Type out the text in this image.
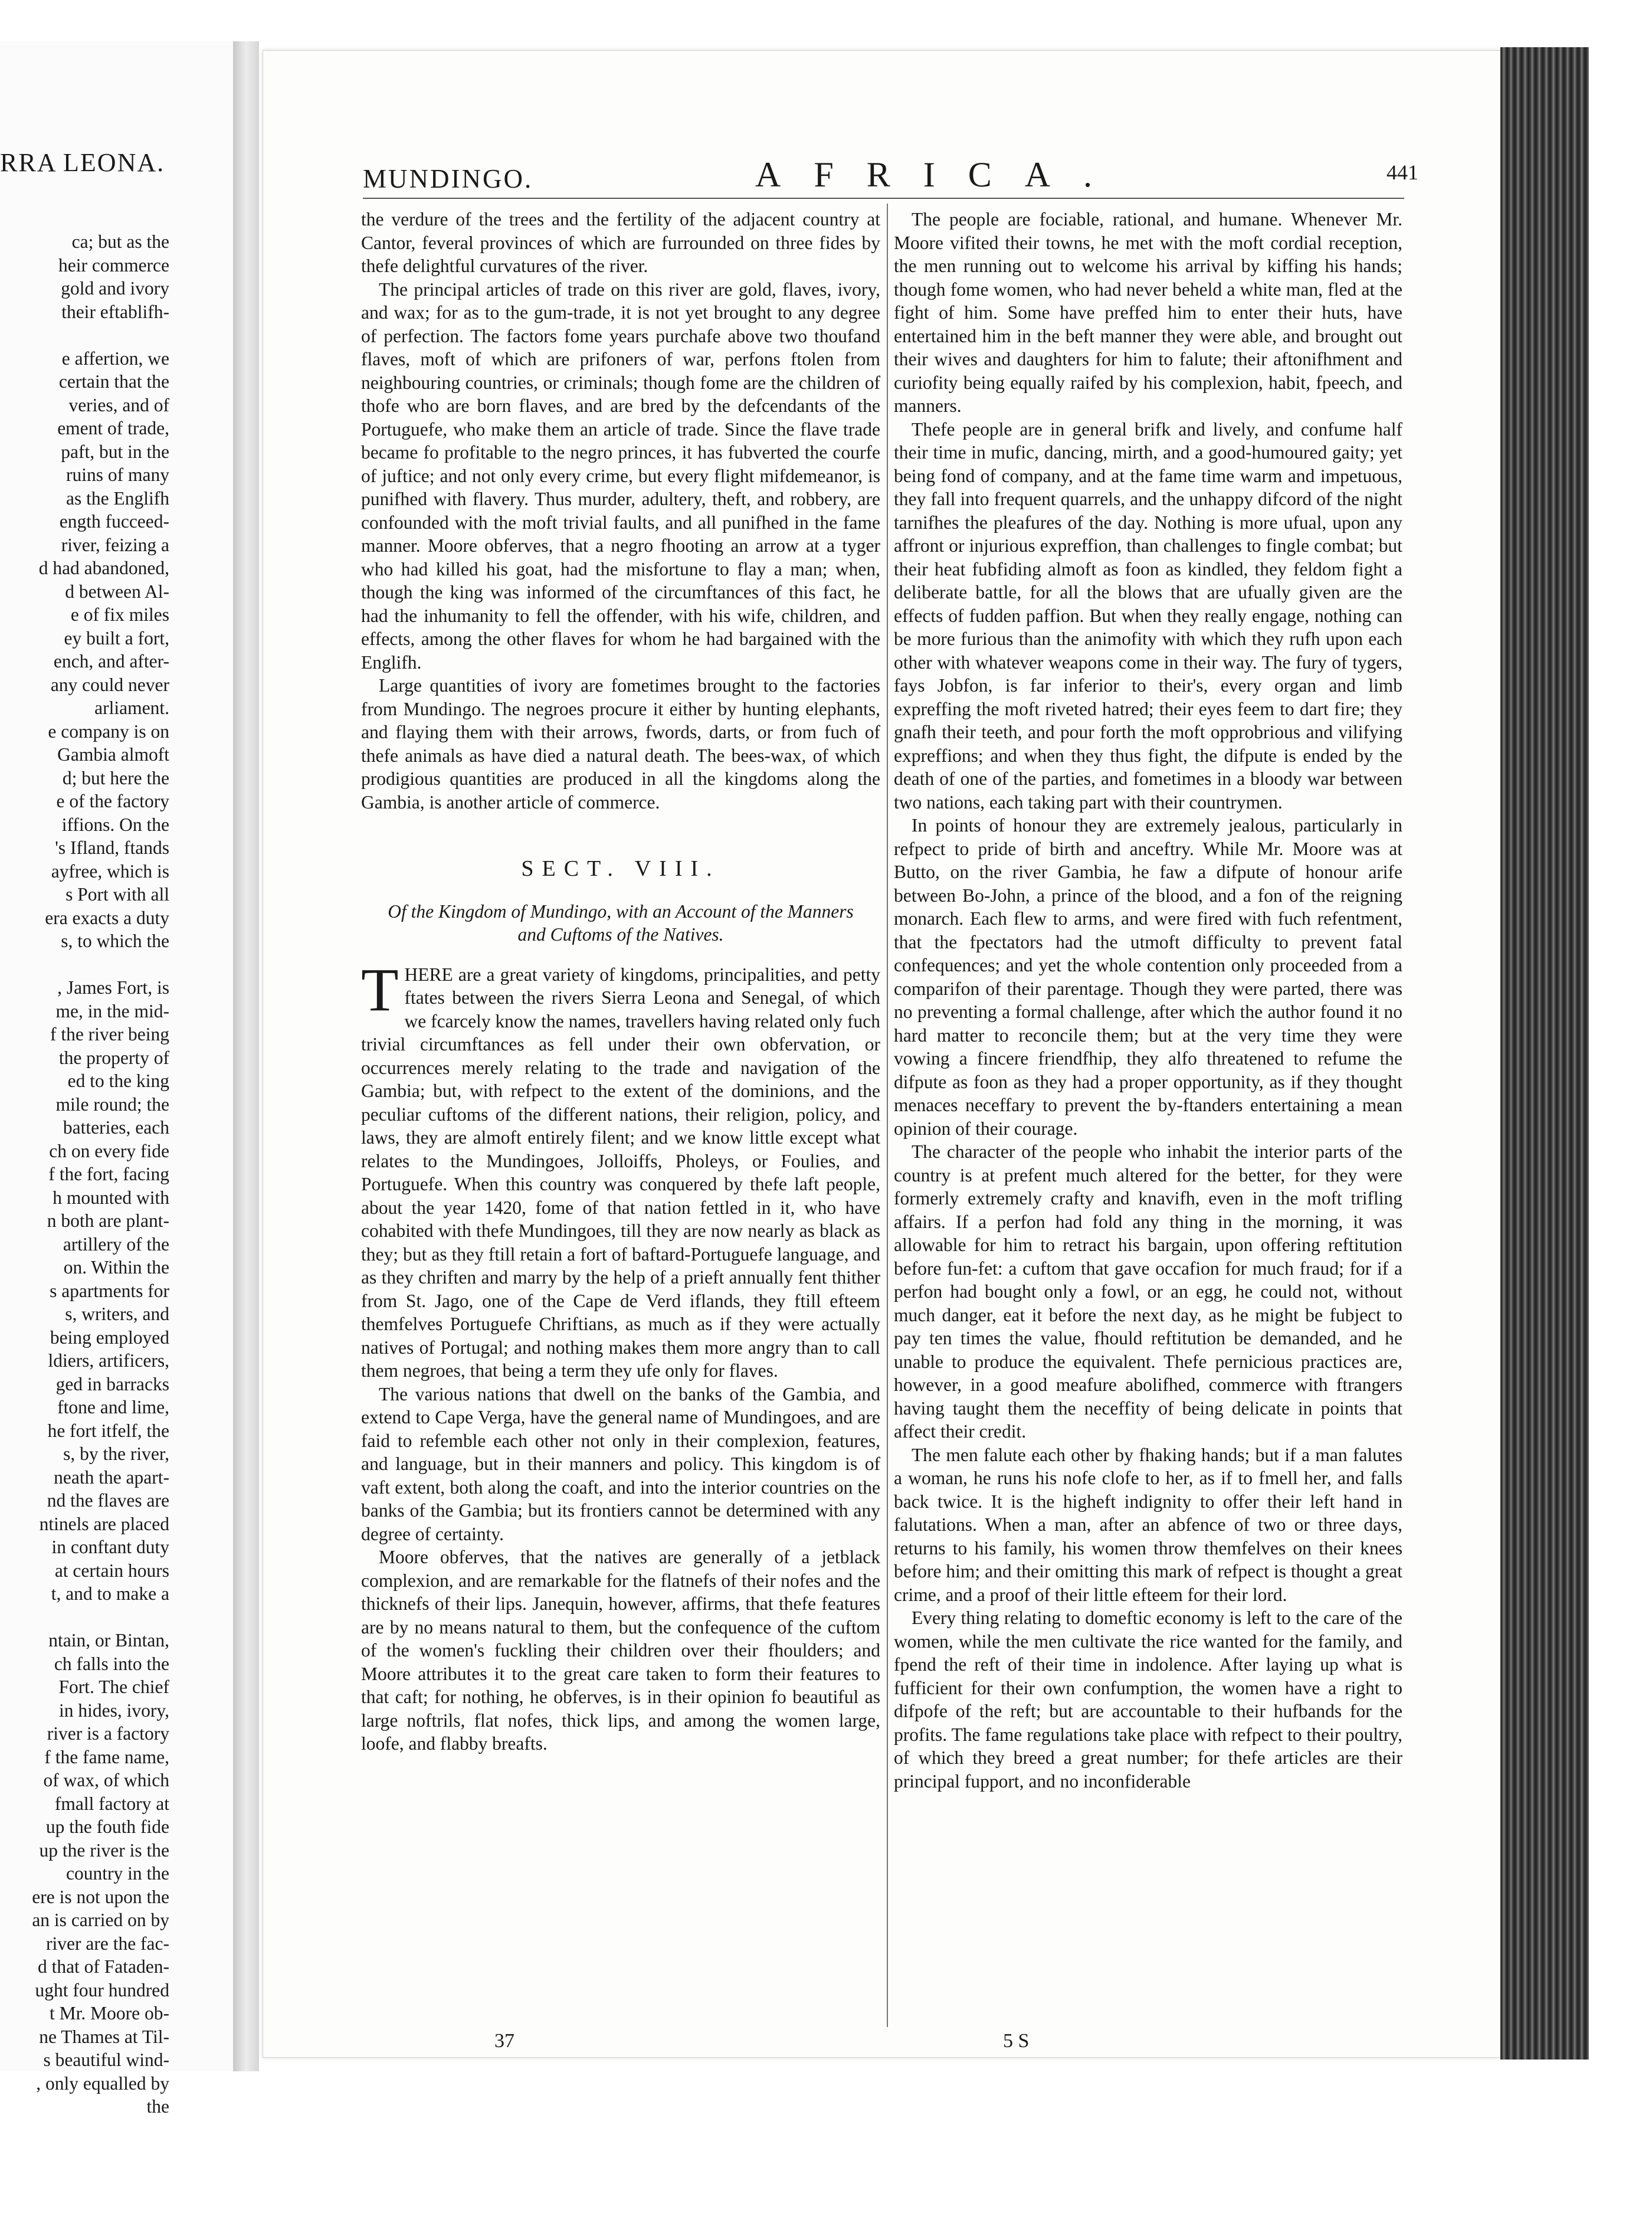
RRA LEONA.
ca; but as the
heir commerce
gold and ivory
their eftablifh-
e affertion, we
certain that the
veries, and of
ement of trade,
paft, but in the
ruins of many
as the Englifh
ength fucceed-
river, feizing a
d had abandoned,
d between Al-
e of fix miles
ey built a fort,
ench, and after-
any could never
arliament.
e company is on
Gambia almoft
d; but here the
e of the factory
iffions. On the
's Ifland, ftands
ayfree, which is
s Port with all
era exacts a duty
s, to which the
, James Fort, is
me, in the mid-
f the river being
the property of
ed to the king
mile round; the
batteries, each
ch on every fide
f the fort, facing
h mounted with
n both are plant-
artillery of the
on. Within the
s apartments for
s, writers, and
being employed
ldiers, artificers,
ged in barracks
ftone and lime,
he fort itfelf, the
s, by the river,
neath the apart-
nd the flaves are
ntinels are placed
in conftant duty
at certain hours
t, and to make a
ntain, or Bintan,
ch falls into the
Fort. The chief
in hides, ivory,
river is a factory
f the fame name,
of wax, of which
fmall factory at
up the fouth fide
up the river is the
country in the
ere is not upon the
an is carried on by
river are the fac-
d that of Fataden-
ught four hundred
t Mr. Moore ob-
ne Thames at Til-
s beautiful wind-
, only equalled by
the
MUNDINGO.	AFRICA.	441

the verdure of the trees and the fertility of the adjacent country at Cantor, feveral provinces of which are furrounded on three fides by thefe delightful curvatures of the river.

The principal articles of trade on this river are gold, flaves, ivory, and wax; for as to the gum-trade, it is not yet brought to any degree of perfection. The factors fome years purchafe above two thoufand flaves, moft of which are prifoners of war, perfons ftolen from neighbouring countries, or criminals; though fome are the children of thofe who are born flaves, and are bred by the defcendants of the Portuguefe, who make them an article of trade. Since the flave trade became fo profitable to the negro princes, it has fubverted the courfe of juftice; and not only every crime, but every flight mifdemeanor, is punifhed with flavery. Thus murder, adultery, theft, and robbery, are confounded with the moft trivial faults, and all punifhed in the fame manner. Moore obferves, that a negro fhooting an arrow at a tyger who had killed his goat, had the misfortune to flay a man; when, though the king was informed of the circumftances of this fact, he had the inhumanity to fell the offender, with his wife, children, and effects, among the other flaves for whom he had bargained with the Englifh.

Large quantities of ivory are fometimes brought to the factories from Mundingo. The negroes procure it either by hunting elephants, and flaying them with their arrows, fwords, darts, or from fuch of thefe animals as have died a natural death. The bees-wax, of which prodigious quantities are produced in all the kingdoms along the Gambia, is another article of commerce.

SECT. VIII.
Of the Kingdom of Mundingo, with an Account of the Manners and Cuftoms of the Natives.

THERE are a great variety of kingdoms, principalities, and petty ftates between the rivers Sierra Leona and Senegal, of which we fcarcely know the names, travellers having related only fuch trivial circumftances as fell under their own obfervation, or occurrences merely relating to the trade and navigation of the Gambia; but, with refpect to the extent of the dominions, and the peculiar cuftoms of the different nations, their religion, policy, and laws, they are almoft entirely filent; and we know little except what relates to the Mundingoes, Jolloiffs, Pholeys, or Foulies, and Portuguefe. When this country was conquered by thefe laft people, about the year 1420, fome of that nation fettled in it, who have cohabited with thefe Mundingoes, till they are now nearly as black as they; but as they ftill retain a fort of baftard-Portuguefe language, and as they chriften and marry by the help of a prieft annually fent thither from St. Jago, one of the Cape de Verd iflands, they ftill efteem themfelves Portuguefe Chriftians, as much as if they were actually natives of Portugal; and nothing makes them more angry than to call them negroes, that being a term they ufe only for flaves.

The various nations that dwell on the banks of the Gambia, and extend to Cape Verga, have the general name of Mundingoes, and are faid to refemble each other not only in their complexion, features, and language, but in their manners and policy. This kingdom is of vaft extent, both along the coaft, and into the interior countries on the banks of the Gambia; but its frontiers cannot be determined with any degree of certainty.

Moore obferves, that the natives are generally of a jetblack complexion, and are remarkable for the flatnefs of their nofes and the thicknefs of their lips. Janequin, however, affirms, that thefe features are by no means natural to them, but the confequence of the cuftom of the women's fuckling their children over their fhoulders; and Moore attributes it to the great care taken to form their features to that caft; for nothing, he obferves, is in their opinion fo beautiful as large noftrils, flat nofes, thick lips, and among the women large, loofe, and flabby breafts.

The people are fociable, rational, and humane. Whenever Mr. Moore vifited their towns, he met with the moft cordial reception, the men running out to welcome his arrival by kiffing his hands; though fome women, who had never beheld a white man, fled at the fight of him. Some have preffed him to enter their huts, have entertained him in the beft manner they were able, and brought out their wives and daughters for him to falute; their aftonifhment and curiofity being equally raifed by his complexion, habit, fpeech, and manners.

Thefe people are in general brifk and lively, and confume half their time in mufic, dancing, mirth, and a good-humoured gaity; yet being fond of company, and at the fame time warm and impetuous, they fall into frequent quarrels, and the unhappy difcord of the night tarnifhes the pleafures of the day. Nothing is more ufual, upon any affront or injurious expreffion, than challenges to fingle combat; but their heat fubfiding almoft as foon as kindled, they feldom fight a deliberate battle, for all the blows that are ufually given are the effects of fudden paffion. But when they really engage, nothing can be more furious than the animofity with which they rufh upon each other with whatever weapons come in their way. The fury of tygers, fays Jobfon, is far inferior to their's, every organ and limb expreffing the moft riveted hatred; their eyes feem to dart fire; they gnafh their teeth, and pour forth the moft opprobrious and vilifying expreffions; and when they thus fight, the difpute is ended by the death of one of the parties, and fometimes in a bloody war between two nations, each taking part with their countrymen.

In points of honour they are extremely jealous, particularly in refpect to pride of birth and anceftry. While Mr. Moore was at Butto, on the river Gambia, he faw a difpute of honour arife between Bo-John, a prince of the blood, and a fon of the reigning monarch. Each flew to arms, and were fired with fuch refentment, that the fpectators had the utmoft difficulty to prevent fatal confequences; and yet the whole contention only proceeded from a comparifon of their parentage. Though they were parted, there was no preventing a formal challenge, after which the author found it no hard matter to reconcile them; but at the very time they were vowing a fincere friendfhip, they alfo threatened to refume the difpute as foon as they had a proper opportunity, as if they thought menaces neceffary to prevent the by-ftanders entertaining a mean opinion of their courage.

The character of the people who inhabit the interior parts of the country is at prefent much altered for the better, for they were formerly extremely crafty and knavifh, even in the moft trifling affairs. If a perfon had fold any thing in the morning, it was allowable for him to retract his bargain, upon offering reftitution before fun-fet: a cuftom that gave occafion for much fraud; for if a perfon had bought only a fowl, or an egg, he could not, without much danger, eat it before the next day, as he might be fubject to pay ten times the value, fhould reftitution be demanded, and he unable to produce the equivalent. Thefe pernicious practices are, however, in a good meafure abolifhed, commerce with ftrangers having taught them the neceffity of being delicate in points that affect their credit.

The men falute each other by fhaking hands; but if a man falutes a woman, he runs his nofe clofe to her, as if to fmell her, and falls back twice. It is the higheft indignity to offer their left hand in falutations. When a man, after an abfence of two or three days, returns to his family, his women throw themfelves on their knees before him; and their omitting this mark of refpect is thought a great crime, and a proof of their little efteem for their lord.

Every thing relating to domeftic economy is left to the care of the women, while the men cultivate the rice wanted for the family, and fpend the reft of their time in indolence. After laying up what is fufficient for their own confumption, the women have a right to difpofe of the reft; but are accountable to their hufbands for the profits. The fame regulations take place with refpect to their poultry, of which they breed a great number; for thefe articles are their principal fupport, and no inconfiderable

37	5 S
